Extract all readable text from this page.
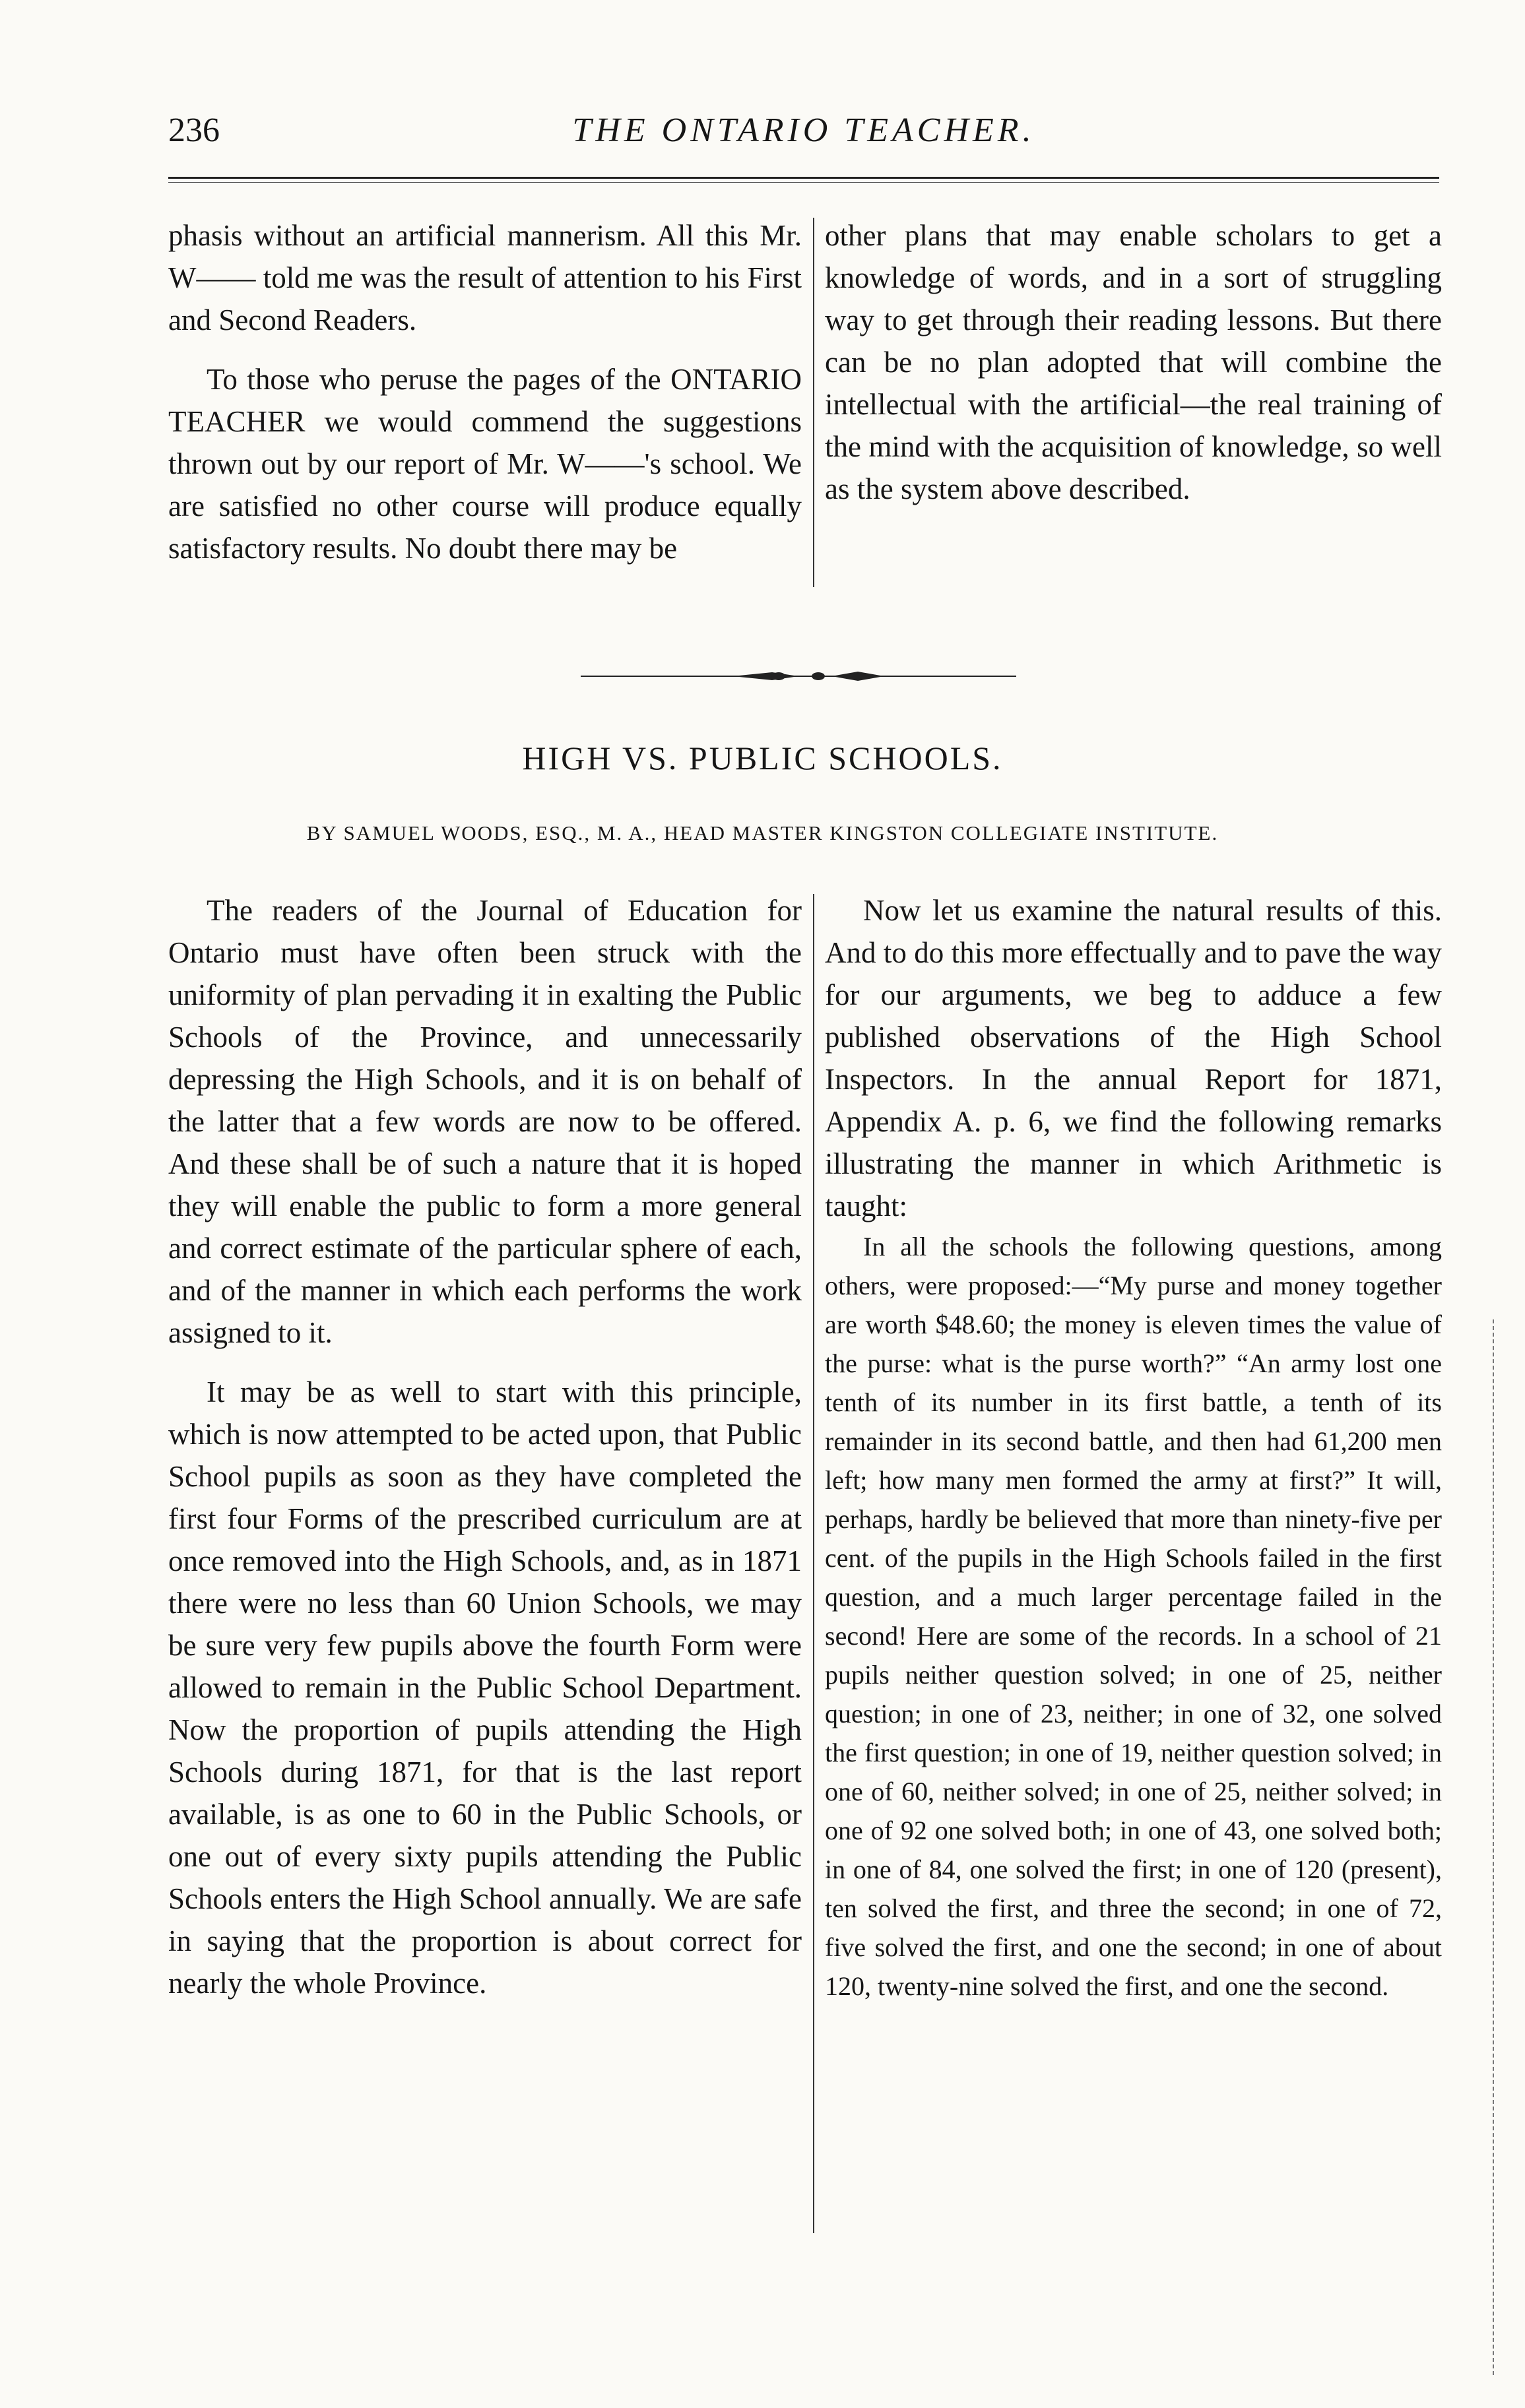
236	THE ONTARIO TEACHER.

phasis without an artificial mannerism. All this Mr. W—— told me was the result of attention to his First and Second Readers.

To those who peruse the pages of the ONTARIO TEACHER we would commend the suggestions thrown out by our report of Mr. W——'s school. We are satisfied no other course will produce equally satisfactory results. No doubt there may be

other plans that may enable scholars to get a knowledge of words, and in a sort of struggling way to get through their reading lessons. But there can be no plan adopted that will combine the intellectual with the artificial—the real training of the mind with the acquisition of knowledge, so well as the system above described.

HIGH VS. PUBLIC SCHOOLS.
BY SAMUEL WOODS, ESQ., M. A., HEAD MASTER KINGSTON COLLEGIATE INSTITUTE.

The readers of the Journal of Education for Ontario must have often been struck with the uniformity of plan pervading it in exalting the Public Schools of the Province, and unnecessarily depressing the High Schools, and it is on behalf of the latter that a few words are now to be offered. And these shall be of such a nature that it is hoped they will enable the public to form a more general and correct estimate of the particular sphere of each, and of the manner in which each performs the work assigned to it.

It may be as well to start with this principle, which is now attempted to be acted upon, that Public School pupils as soon as they have completed the first four Forms of the prescribed curriculum are at once removed into the High Schools, and, as in 1871 there were no less than 60 Union Schools, we may be sure very few pupils above the fourth Form were allowed to remain in the Public School Department. Now the proportion of pupils attending the High Schools during 1871, for that is the last report available, is as one to 60 in the Public Schools, or one out of every sixty pupils attending the Public Schools enters the High School annually. We are safe in saying that the proportion is about correct for nearly the whole Province.

Now let us examine the natural results of this. And to do this more effectually and to pave the way for our arguments, we beg to adduce a few published observations of the High School Inspectors. In the annual Report for 1871, Appendix A. p. 6, we find the following remarks illustrating the manner in which Arithmetic is taught:

In all the schools the following questions, among others, were proposed:—“My purse and money together are worth $48.60; the money is eleven times the value of the purse: what is the purse worth?” “An army lost one tenth of its number in its first battle, a tenth of its remainder in its second battle, and then had 61,200 men left; how many men formed the army at first?” It will, perhaps, hardly be believed that more than ninety-five per cent. of the pupils in the High Schools failed in the first question, and a much larger percentage failed in the second! Here are some of the records. In a school of 21 pupils neither question solved; in one of 25, neither question; in one of 23, neither; in one of 32, one solved the first question; in one of 19, neither question solved; in one of 60, neither solved; in one of 25, neither solved; in one of 92 one solved both; in one of 43, one solved both; in one of 84, one solved the first; in one of 120 (present), ten solved the first, and three the second; in one of 72, five solved the first, and one the second; in one of about 120, twenty-nine solved the first, and one the second.
